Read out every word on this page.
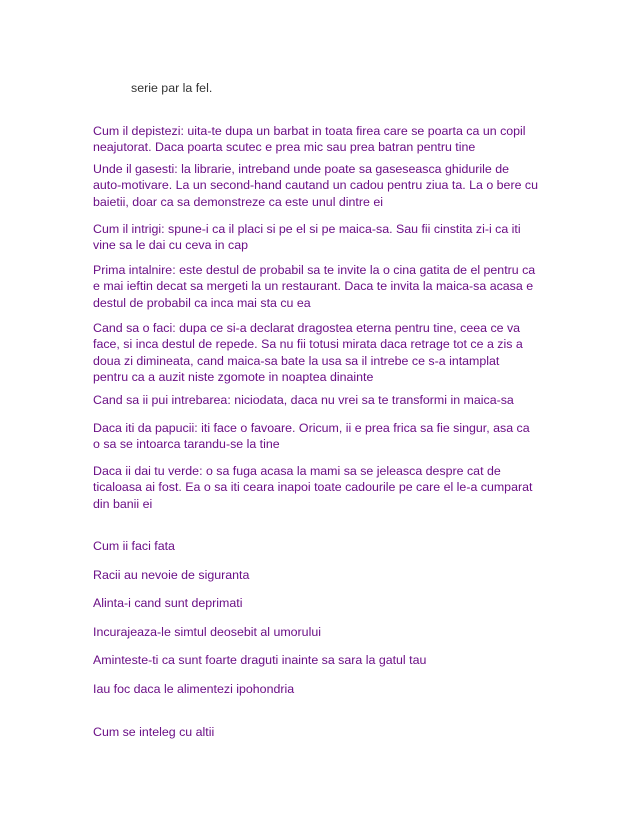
serie par la fel.
Cum il depistezi: uita-te dupa un barbat in toata firea care se poarta ca un copil
neajutorat. Daca poarta scutec e prea mic sau prea batran pentru tine
Unde il gasesti: la librarie, intreband unde poate sa gaseseasca ghidurile de
auto-motivare. La un second-hand cautand un cadou pentru ziua ta. La o bere cu
baietii, doar ca sa demonstreze ca este unul dintre ei
Cum il intrigi: spune-i ca il placi si pe el si pe maica-sa. Sau fii cinstita zi-i ca iti
vine sa le dai cu ceva in cap
Prima intalnire: este destul de probabil sa te invite la o cina gatita de el pentru ca
e mai ieftin decat sa mergeti la un restaurant. Daca te invita la maica-sa acasa e
destul de probabil ca inca mai sta cu ea
Cand sa o faci: dupa ce si-a declarat dragostea eterna pentru tine, ceea ce va
face, si inca destul de repede. Sa nu fii totusi mirata daca retrage tot ce a zis a
doua zi dimineata, cand maica-sa bate la usa sa il intrebe ce s-a intamplat
pentru ca a auzit niste zgomote in noaptea dinainte
Cand sa ii pui intrebarea: niciodata, daca nu vrei sa te transformi in maica-sa
Daca iti da papucii: iti face o favoare. Oricum, ii e prea frica sa fie singur, asa ca
o sa se intoarca tarandu-se la tine
Daca ii dai tu verde: o sa fuga acasa la mami sa se jeleasca despre cat de
ticaloasa ai fost. Ea o sa iti ceara inapoi toate cadourile pe care el le-a cumparat
din banii ei
Cum ii faci fata
Racii au nevoie de siguranta
Alinta-i cand sunt deprimati
Incurajeaza-le simtul deosebit al umorului
Aminteste-ti ca sunt foarte draguti inainte sa sara la gatul tau
Iau foc daca le alimentezi ipohondria
Cum se inteleg cu altii
